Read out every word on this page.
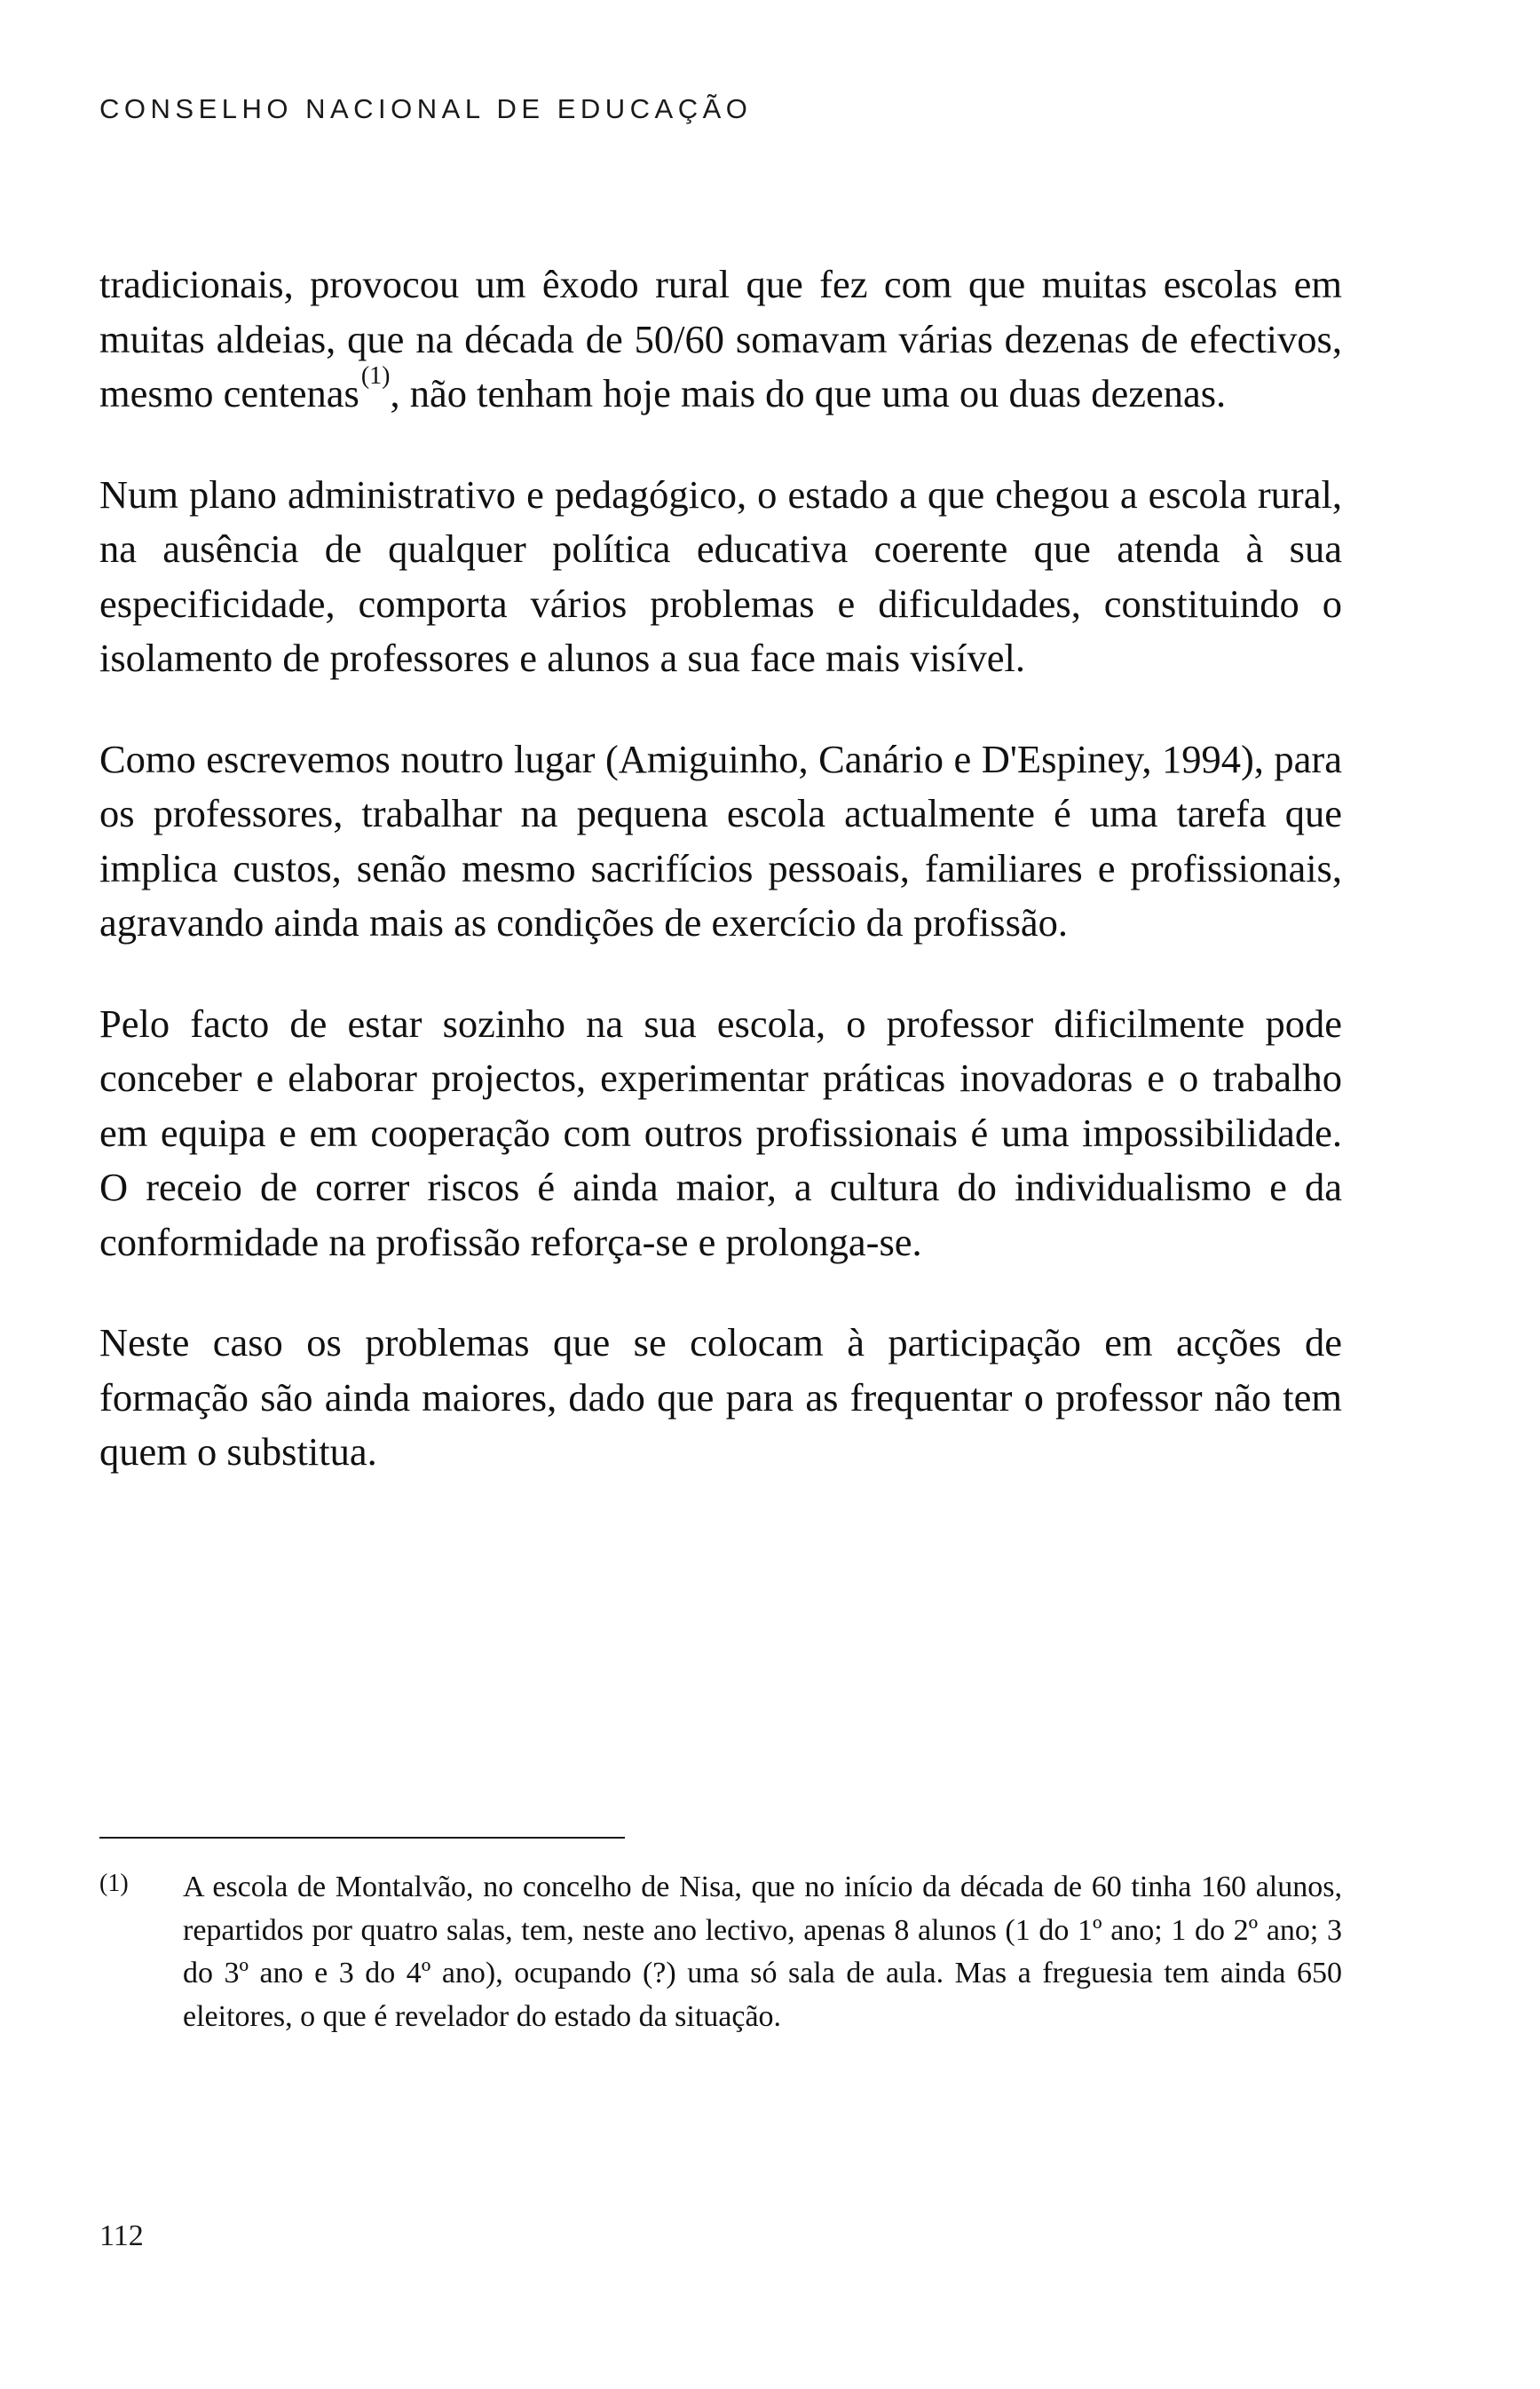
CONSELHO NACIONAL DE EDUCAÇÃO

tradicionais, provocou um êxodo rural que fez com que muitas escolas em muitas aldeias, que na década de 50/60 somavam várias dezenas de efectivos, mesmo centenas$^{(1)}$, não tenham hoje mais do que uma ou duas dezenas.

Num plano administrativo e pedagógico, o estado a que chegou a escola rural, na ausência de qualquer política educativa coerente que atenda à sua especificidade, comporta vários problemas e dificuldades, constituindo o isolamento de professores e alunos a sua face mais visível.

Como escrevemos noutro lugar (Amiguinho, Canário e D'Espiney, 1994), para os professores, trabalhar na pequena escola actualmente é uma tarefa que implica custos, senão mesmo sacrifícios pessoais, familiares e profissionais, agravando ainda mais as condições de exercício da profissão.

Pelo facto de estar sozinho na sua escola, o professor dificilmente pode conceber e elaborar projectos, experimentar práticas inovadoras e o trabalho em equipa e em cooperação com outros profissionais é uma impossibilidade. O receio de correr riscos é ainda maior, a cultura do individualismo e da conformidade na profissão reforça-se e prolonga-se.

Neste caso os problemas que se colocam à participação em acções de formação são ainda maiores, dado que para as frequentar o professor não tem quem o substitua.

(1) A escola de Montalvão, no concelho de Nisa, que no início da década de 60 tinha 160 alunos, repartidos por quatro salas, tem, neste ano lectivo, apenas 8 alunos (1 do 1º ano; 1 do 2º ano; 3 do 3º ano e 3 do 4º ano), ocupando (?) uma só sala de aula. Mas a freguesia tem ainda 650 eleitores, o que é revelador do estado da situação.
112
